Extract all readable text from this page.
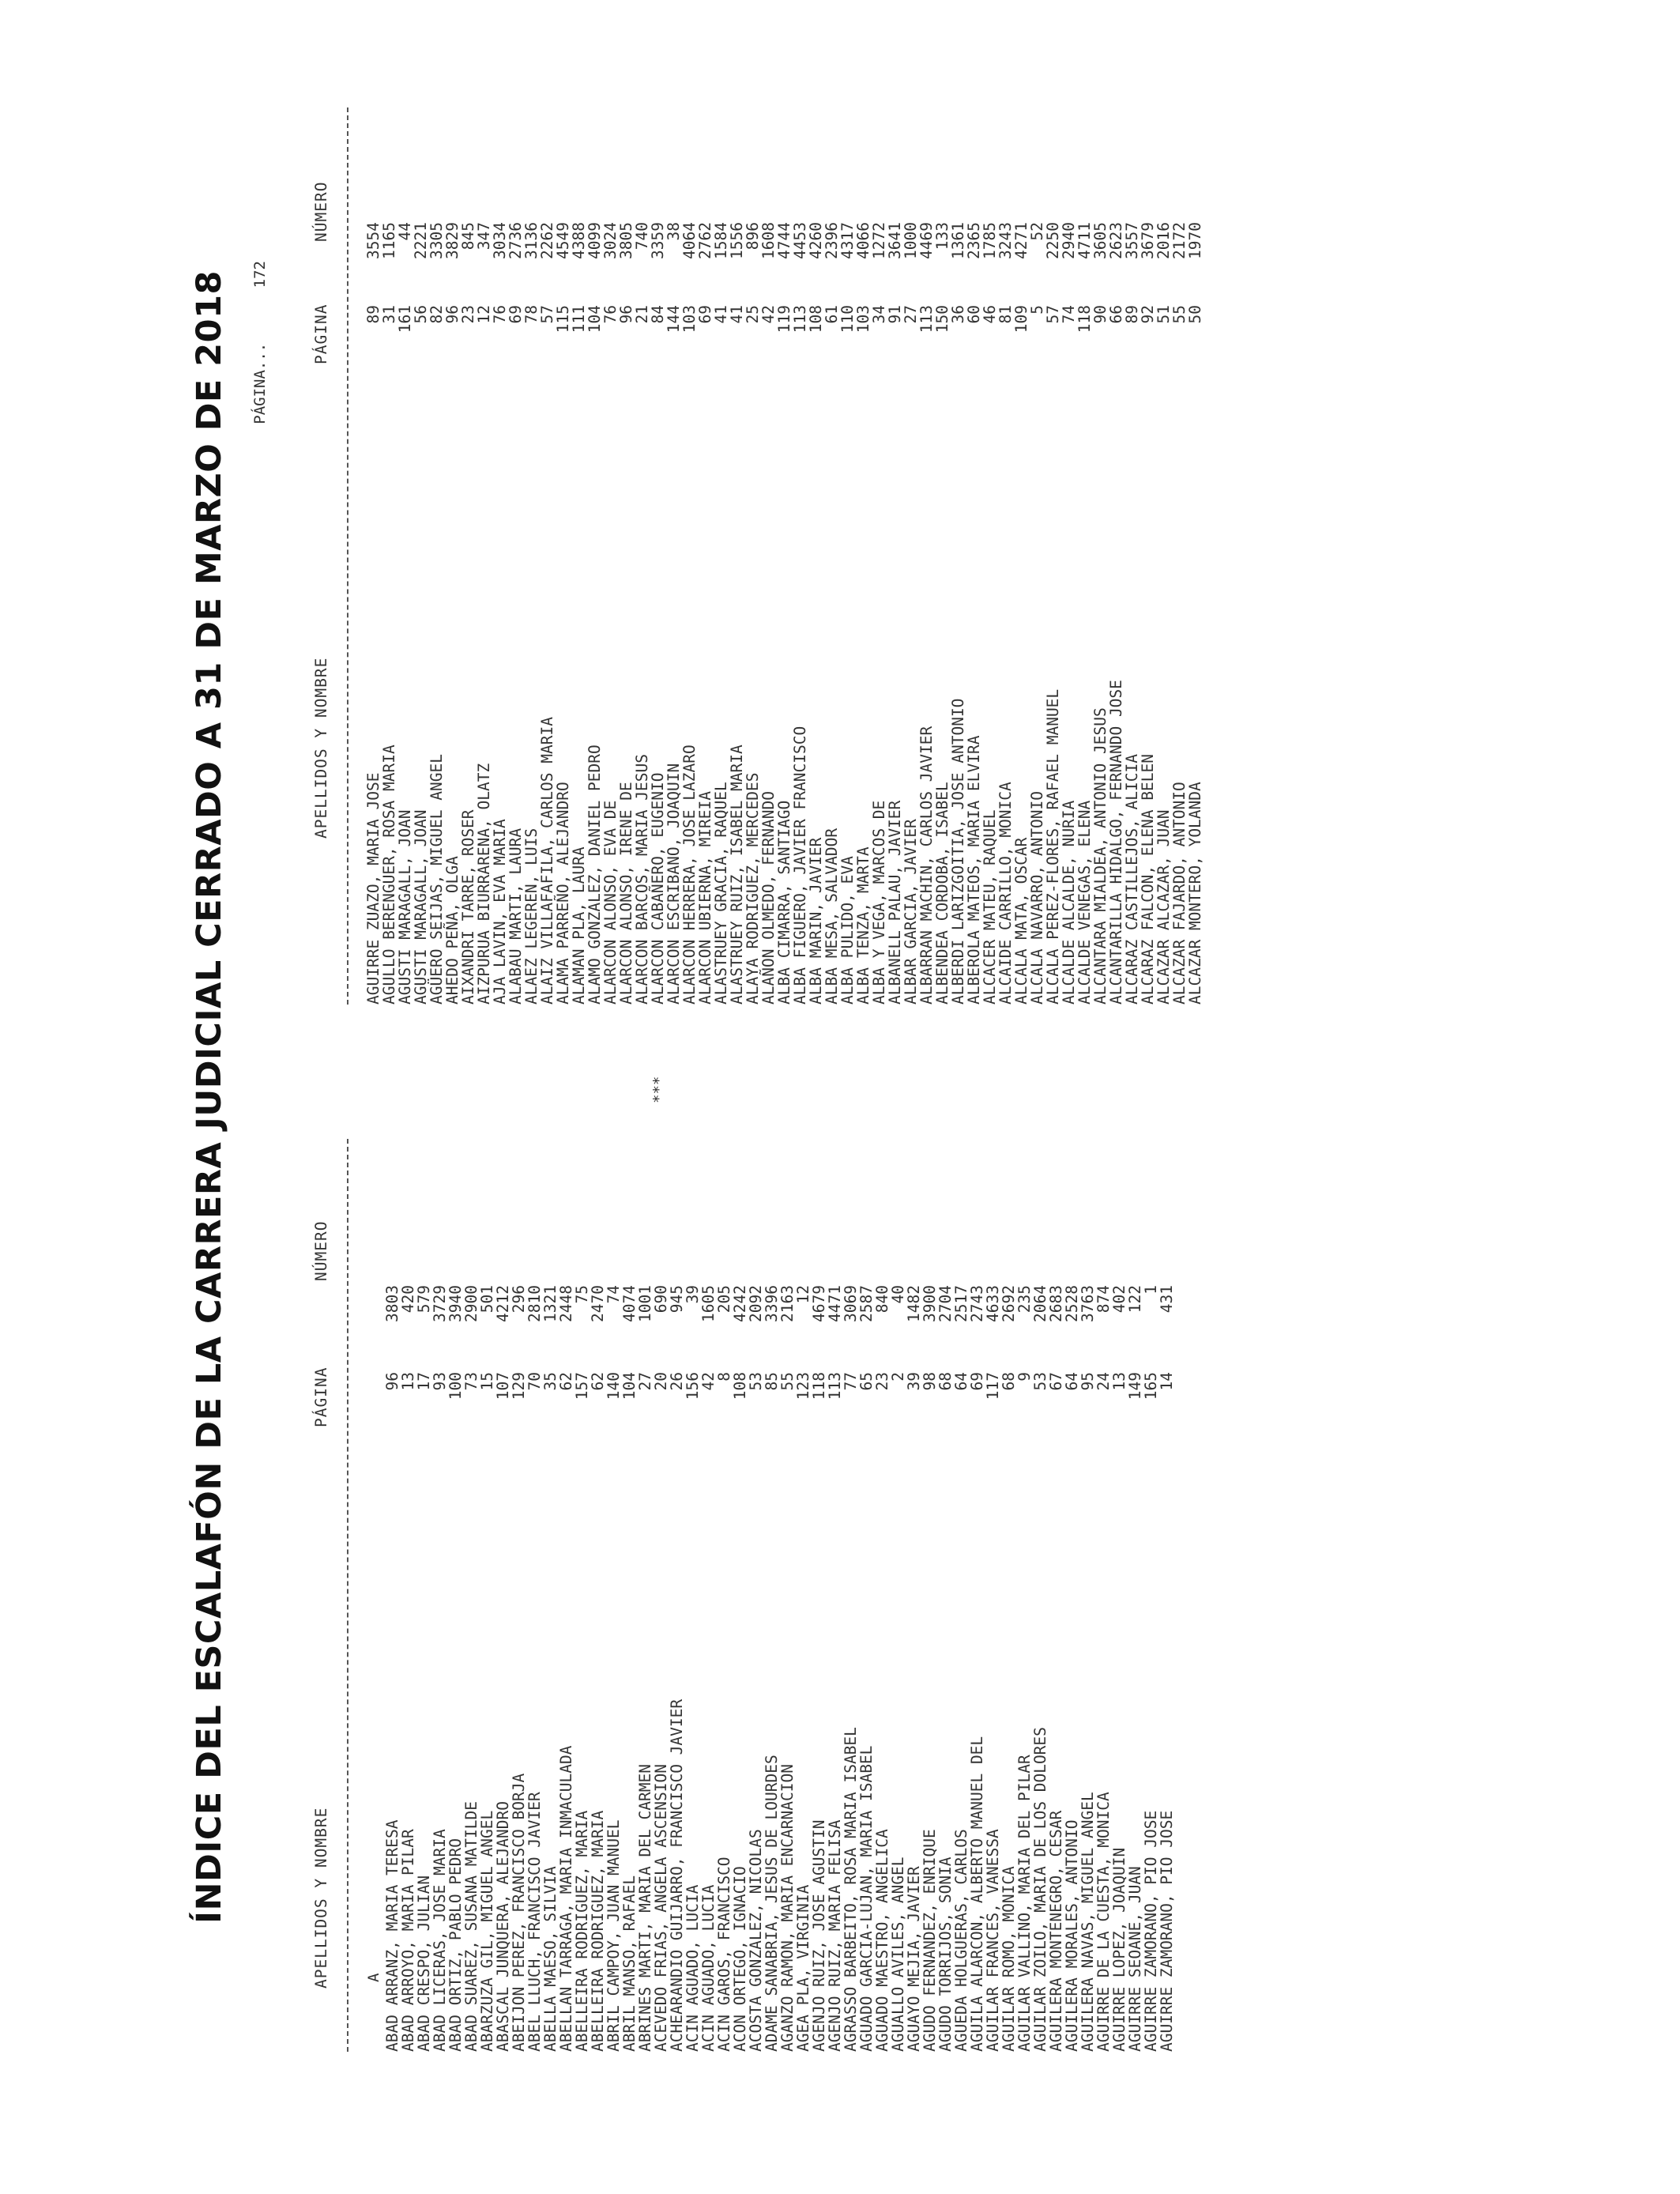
ÍNDICE DEL ESCALAFÓN DE LA CARRERA JUDICIAL CERRADO A 31 DE MARZO DE 2018 PÁGINA... 172
APELLIDOS Y NOMBRE
PÁGINA
NÚMERO
A ABAD ARRANZ, MARIA TERESA
96
3803
ABAD ARROYO, MARIA PILAR
13
420
ABAD CRESPO, JULIAN
17
579
ABAD LICERAS, JOSE MARIA
93
3729
ABAD ORTIZ, PABLO PEDRO
100
3940
ABAD SUAREZ, SUSANA MATILDE
73
2900
ABARZUZA GIL, MIGUEL ANGEL
15
501
ABASCAL JUNQUERA, ALEJANDRO
107
4212
ABEIJON PEREZ, FRANCISCO BORJA
129
296
ABEL LLUCH, FRANCISCO JAVIER
70
2810
ABELLA MAESO, SILVIA
35
1321
ABELLAN TARRAGA, MARIA INMACULADA
62
2448
ABELLEIRA RODRIGUEZ, MARIA
157
75
ABELLEIRA RODRIGUEZ, MARIA
62
2470
ABRIL CAMPOY, JUAN MANUEL
140
74
ABRIL MANSO, RAFAEL
104
4074
ABRINES MARTI, MARIA DEL CARMEN
27
1001
ACEVEDO FRIAS, ANGELA ASCENSION
20
690
ACHEARANDIO GUIJARRO, FRANCISCO JAVIER
26
945
ACIN AGUADO, LUCIA
156
39
ACIN AGUADO, LUCIA
42
1605
ACIN GAROS, FRANCISCO
8
205
ACON ORTEGO, IGNACIO
108
4242
ACOSTA GONZALEZ, NICOLAS
53
2092
ADAME SANABRIA, JESUS DE LOURDES
85
3396
AGANZO RAMON, MARIA ENCARNACION
55
2163
AGEA PLA, VIRGINIA
123
12
AGENJO RUIZ, JOSE AGUSTIN
118
4679
AGENJO RUIZ, MARIA FELISA
113
4471
AGRASSO BARBEITO, ROSA MARIA ISABEL
77
3069
AGUADO GARCIA-LUJAN, MARIA ISABEL
65
2587
AGUADO MAESTRO, ANGELICA
23
840
AGUALLO AVILES, ANGEL
2
40
AGUAYO MEJIA, JAVIER
39
1482
AGUDO FERNANDEZ, ENRIQUE
98
3900
AGUDO TORRIJOS, SONIA
68
2704
AGUEDA HOLGUERAS, CARLOS
64
2517
AGUILA ALARCON, ALBERTO MANUEL DEL
69
2743
AGUILAR FRANCES, VANESSA
117
4633
AGUILAR ROMO, MONICA
68
2692
AGUILAR VALLINO, MARIA DEL PILAR
9
235
AGUILAR ZOILO, MARIA DE LOS DOLORES
53
2064
AGUILERA MONTENEGRO, CESAR
67
2683
AGUILERA MORALES, ANTONIO
64
2528
AGUILERA NAVAS, MIGUEL ANGEL
95
3763
AGUIRRE DE LA CUESTA, MONICA
24
874
AGUIRRE LOPEZ, JOAQUIN
13
402
AGUIRRE SEOANE, JUAN
149
122
AGUIRRE ZAMORANO, PIO JOSE
165
1
AGUIRRE ZAMORANO, PIO JOSE
14
431
***
APELLIDOS Y NOMBRE
PÁGINA
NÚMERO
AGUIRRE ZUAZO, MARIA JOSE
89
3554
AGULLO BERENGUER, ROSA MARIA
31
1165
AGUSTI MARAGALL, JOAN
161
44
AGUSTI MARAGALL, JOAN
56
2221
AGÜERO SEIJAS, MIGUEL ANGEL
82
3305
AHEDO PEÑA, OLGA
96
3829
AIXANDRI TARRE, ROSER
23
845
AIZPURUA BIURRARENA, OLATZ
12
347
AJA LAVIN, EVA MARIA
76
3034
ALABAU MARTI, LAURA
69
2736
ALAEZ LEGEREN, LUIS
78
3136
ALAIZ VILLAFAFILA, CARLOS MARIA
57
2262
ALAMA PARREÑO, ALEJANDRO
115
4549
ALAMAN PLA, LAURA
111
4388
ALAMO GONZALEZ, DANIEL PEDRO
104
4099
ALARCON ALONSO, EVA DE
76
3024
ALARCON ALONSO, IRENE DE
96
3805
ALARCON BARCOS, MARIA JESUS
21
740
ALARCON CABAÑERO, EUGENIO
84
3359
ALARCON ESCRIBANO, JOAQUIN
144
38
ALARCON HERRERA, JOSE LAZARO
103
4064
ALARCON UBIERNA, MIREIA
69
2762
ALASTRUEY GRACIA, RAQUEL
41
1584
ALASTRUEY RUIZ, ISABEL MARIA
41
1556
ALAYA RODRIGUEZ, MERCEDES
25
896
ALAÑON OLMEDO, FERNANDO
42
1608
ALBA CIMARRA, SANTIAGO
119
4744
ALBA FIGUERO, JAVIER FRANCISCO
113
4453
ALBA MARIN, JAVIER
108
4260
ALBA MESA, SALVADOR
61
2396
ALBA PULIDO, EVA
110
4317
ALBA TENZA, MARTA
103
4066
ALBA Y VEGA, MARCOS DE
34
1272
ALBANELL PALAU, JAVIER
91
3641
ALBAR GARCIA, JAVIER
27
1000
ALBARRAN MACHIN, CARLOS JAVIER
113
4469
ALBENDEA CORDOBA, ISABEL
150
133
ALBERDI LARIZGOITIA, JOSE ANTONIO
36
1361
ALBEROLA MATEOS, MARIA ELVIRA
60
2365
ALCACER MATEU, RAQUEL
46
1785
ALCAIDE CARRILLO, MONICA
81
3243
ALCALA MATA, OSCAR
109
4271
ALCALA NAVARRO, ANTONIO
5
52
ALCALA PEREZ-FLORES, RAFAEL MANUEL
57
2250
ALCALDE ALCALDE, NURIA
74
2940
ALCALDE VENEGAS, ELENA
118
4711
ALCANTARA MIALDEA, ANTONIO JESUS
90
3605
ALCANTARILLA HIDALGO, FERNANDO JOSE
66
2623
ALCARAZ CASTILLEJOS, ALICIA
89
3557
ALCARAZ FALCON, ELENA BELEN
92
3679
ALCAZAR ALCAZAR, JUAN
51
2016
ALCAZAR FAJARDO, ANTONIO
55
2172
ALCAZAR MONTERO, YOLANDA
50
1970
